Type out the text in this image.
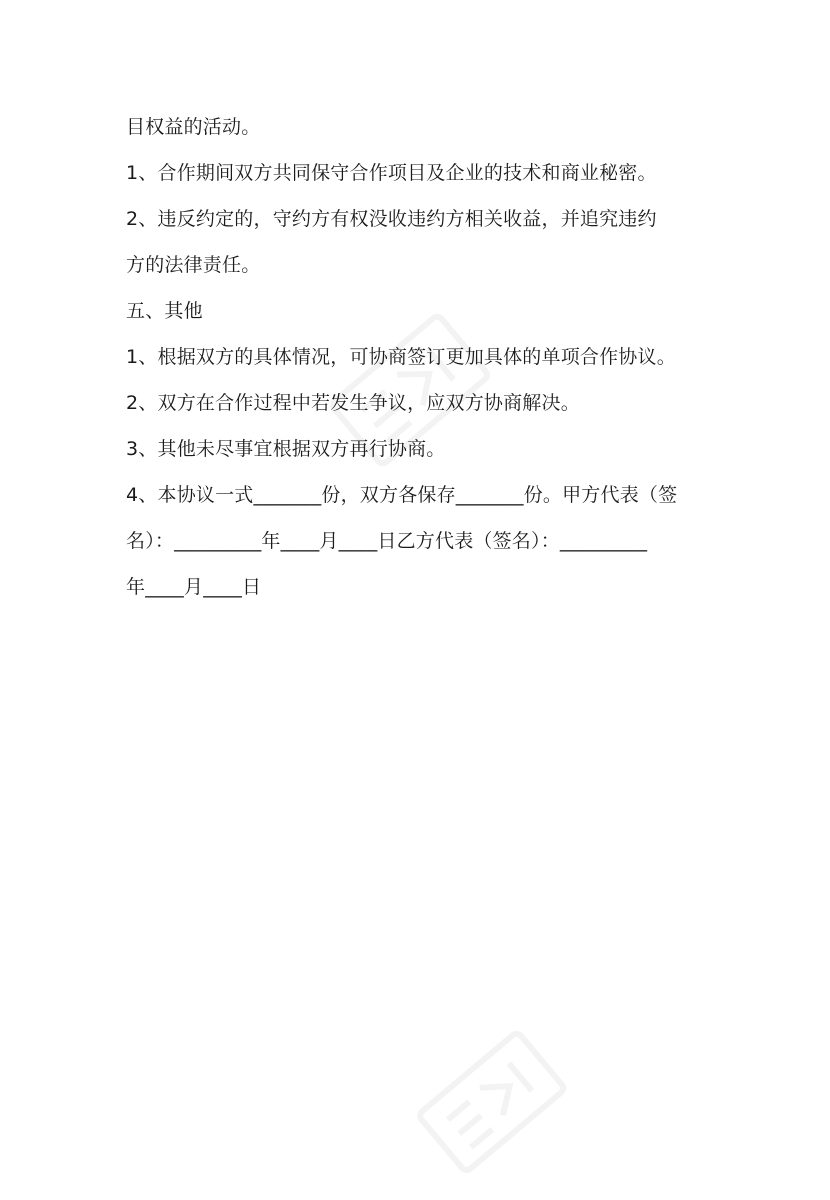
目权益的活动。
1、合作期间双方共同保守合作项目及企业的技术和商业秘密。
2、违反约定的，守约方有权没收违约方相关收益，并追究违约
方的法律责任。
五、其他
1、根据双方的具体情况，可协商签订更加具体的单项合作协议。
2、双方在合作过程中若发生争议，应双方协商解决。
3、其他未尽事宜根据双方再行协商。
4、本协议一式_______份，双方各保存_______份。甲方代表（签
名）：_________年____月____日乙方代表（签名）：_________
年____月____日
